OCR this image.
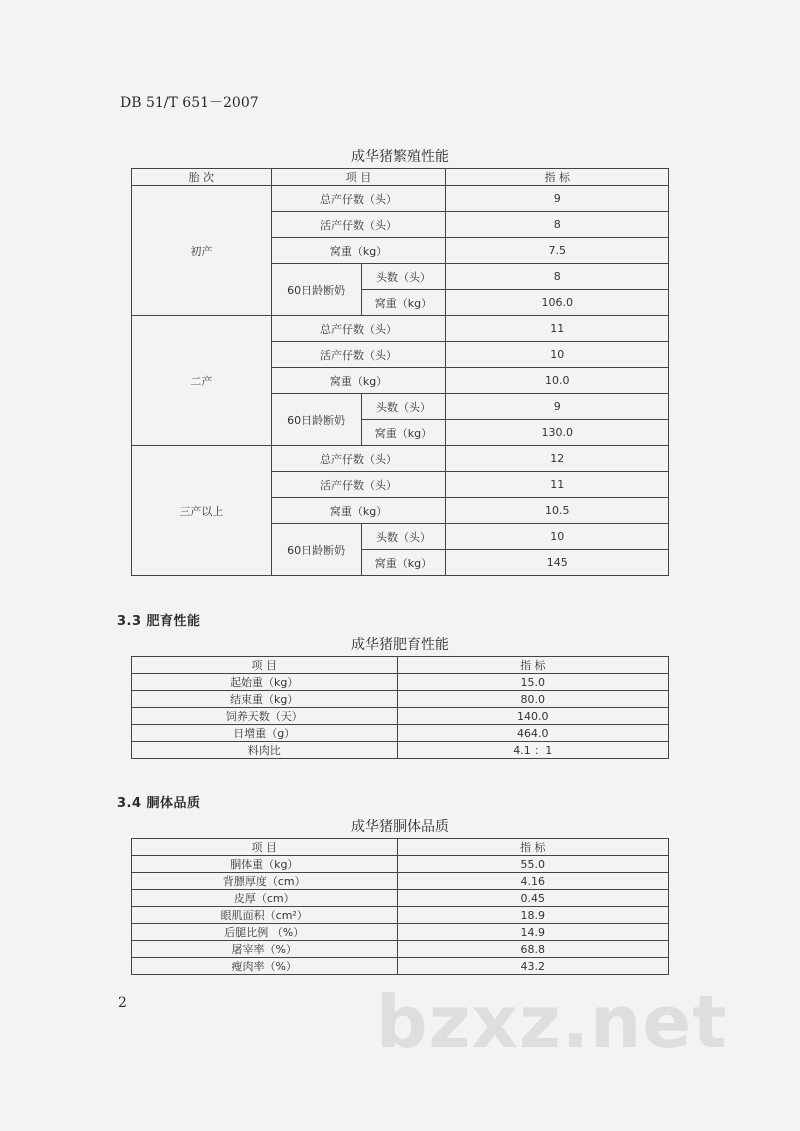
DB 51/T 651－2007
成华猪繁殖性能
胎 次	项 目		指 标
初产	总产仔数（头）		9
	活产仔数（头）		8
	窝重（kg）		7.5
	60日龄断奶	头数（头）	8
		窝重（kg）	106.0
二产	总产仔数（头）		11
	活产仔数（头）		10
	窝重（kg）		10.0
	60日龄断奶	头数（头）	9
		窝重（kg）	130.0
三产以上	总产仔数（头）		12
	活产仔数（头）		11
	窝重（kg）		10.5
	60日龄断奶	头数（头）	10
		窝重（kg）	145
3.3 肥育性能
成华猪肥育性能
项 目	指 标
起始重（kg）	15.0
结束重（kg）	80.0
饲养天数（天）	140.0
日增重（g）	464.0
料肉比	4.1 ：1
3.4 胴体品质
成华猪胴体品质
项 目	指 标
胴体重（kg）	55.0
背膘厚度（cm）	4.16
皮厚（cm）	0.45
眼肌面积（cm²）	18.9
后腿比例 （%）	14.9
屠宰率（%）	68.8
瘦肉率（%）	43.2
2	bzxz.net
